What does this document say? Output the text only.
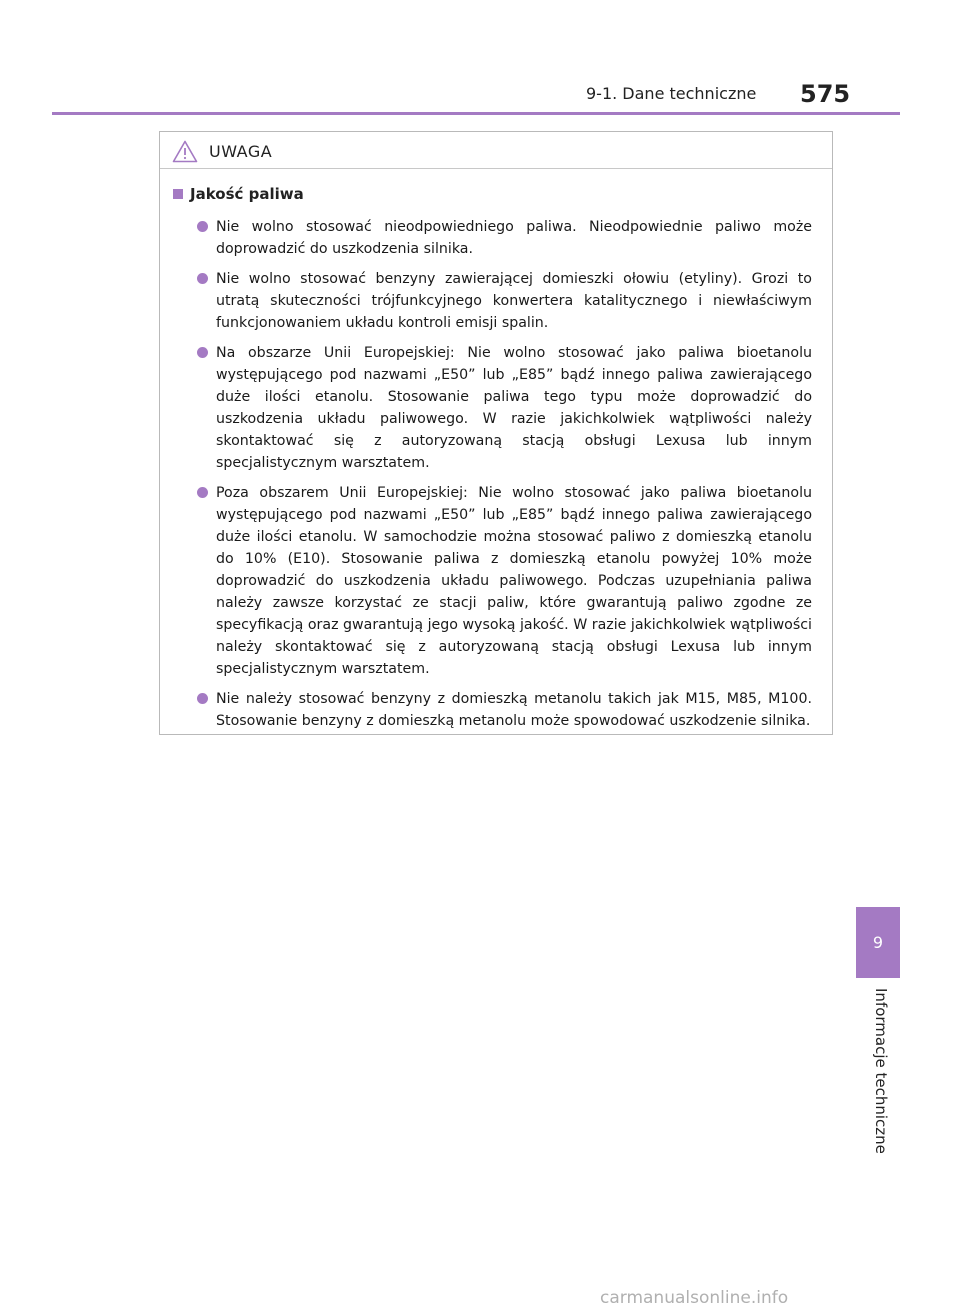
9-1. Dane techniczne 575
UWAGA
Jakość paliwa
Nie wolno stosować nieodpowiedniego paliwa. Nieodpowiednie paliwo może doprowadzić do uszkodzenia silnika.
Nie wolno stosować benzyny zawierającej domieszki ołowiu (etyliny). Grozi to utratą skuteczności trójfunkcyjnego konwertera katalitycznego i niewłaściwym funkcjonowaniem układu kontroli emisji spalin.
Na obszarze Unii Europejskiej: Nie wolno stosować jako paliwa bioetanolu występującego pod nazwami „E50” lub „E85” bądź innego paliwa zawierającego duże ilości etanolu. Stosowanie paliwa tego typu może doprowadzić do uszkodzenia układu paliwowego. W razie jakichkolwiek wątpliwości należy skontaktować się z autoryzowaną stacją obsługi Lexusa lub innym specjalistycznym warsztatem.
Poza obszarem Unii Europejskiej: Nie wolno stosować jako paliwa bioetanolu występującego pod nazwami „E50” lub „E85” bądź innego paliwa zawierającego duże ilości etanolu. W samochodzie można stosować paliwo z domieszką etanolu do 10% (E10). Stosowanie paliwa z domieszką etanolu powyżej 10% może doprowadzić do uszkodzenia układu paliwowego. Podczas uzupełniania paliwa należy zawsze korzystać ze stacji paliw, które gwarantują paliwo zgodne ze specyfikacją oraz gwarantują jego wysoką jakość. W razie jakichkolwiek wątpliwości należy skontaktować się z autoryzowaną stacją obsługi Lexusa lub innym specjalistycznym warsztatem.
Nie należy stosować benzyny z domieszką metanolu takich jak M15, M85, M100. Stosowanie benzyny z domieszką metanolu może spowodować uszkodzenie silnika.
9
Informacje techniczne
carmanualsonline.info
